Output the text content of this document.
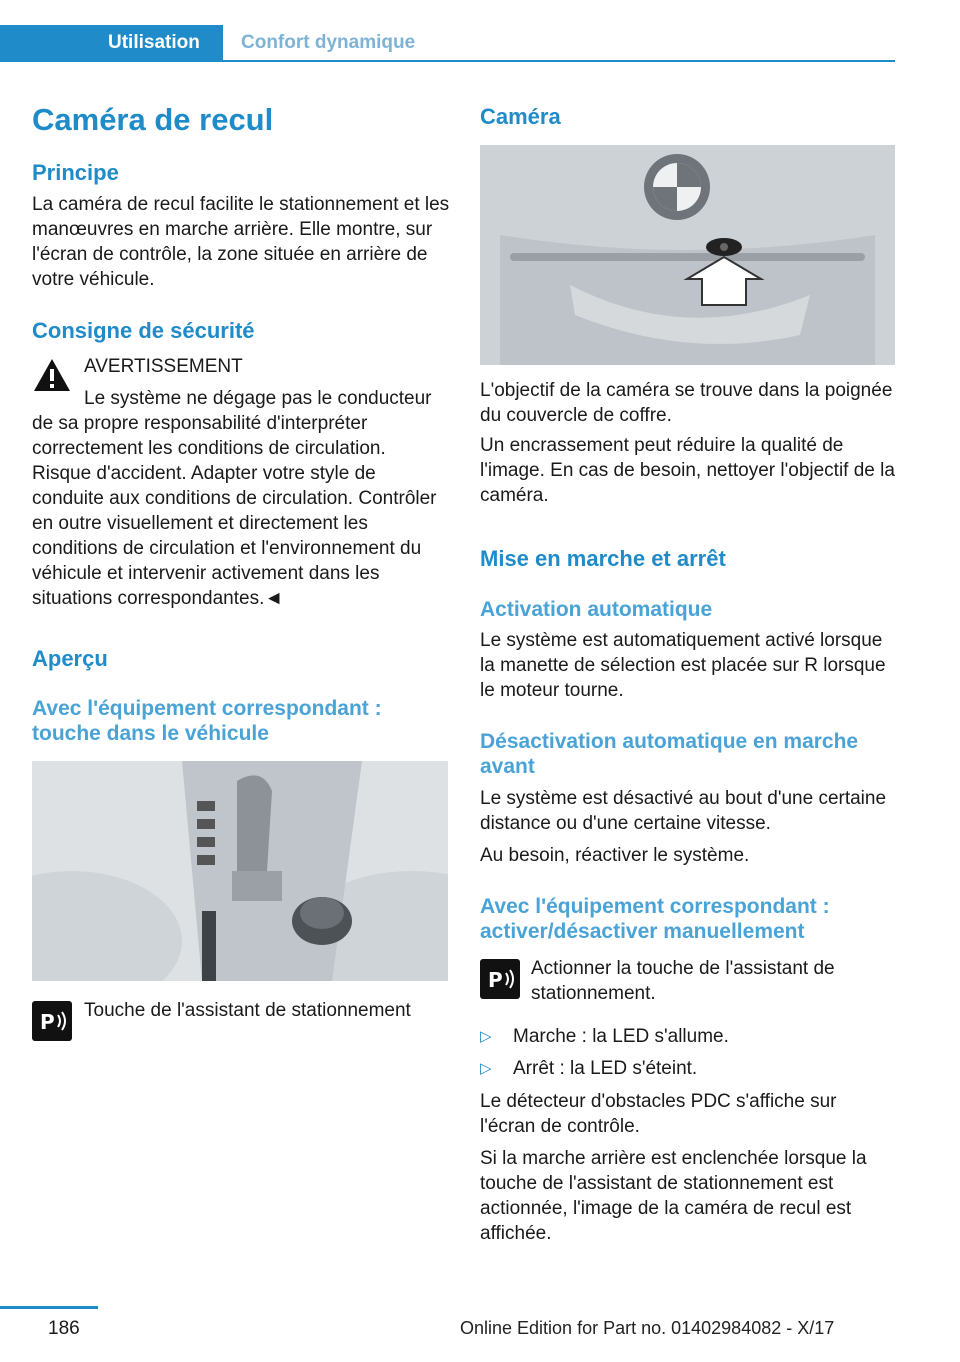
Utilisation	Confort dynamique
Caméra de recul
Principe

La caméra de recul facilite le stationnement et les manœuvres en marche arrière. Elle montre, sur l'écran de contrôle, la zone située en arrière de votre véhicule.

Consigne de sécurité

AVERTISSEMENT

Le système ne dégage pas le conducteur de sa propre responsabilité d'interpréter correctement les conditions de circulation. Risque d'accident. Adapter votre style de conduite aux conditions de circulation. Contrôler en outre visuellement et directement les conditions de circulation et l'environnement du véhicule et intervenir activement dans les situations correspondantes.◄

Aperçu
Avec l'équipement correspondant : touche dans le véhicule
P Touche de l'assistant de stationnement

Caméra

L'objectif de la caméra se trouve dans la poignée du couvercle de coffre.

Un encrassement peut réduire la qualité de l'image. En cas de besoin, nettoyer l'objectif de la caméra.

Mise en marche et arrêt
Activation automatique

Le système est automatiquement activé lorsque la manette de sélection est placée sur R lorsque le moteur tourne.

Désactivation automatique en marche avant

Le système est désactivé au bout d'une certaine distance ou d'une certaine vitesse.

Au besoin, réactiver le système.

Avec l'équipement correspondant : activer/désactiver manuellement
P Actionner la touche de l'assistant de stationnement.

▷ Marche : la LED s'allume.
▷ Arrêt : la LED s'éteint.

Le détecteur d'obstacles PDC s'affiche sur l'écran de contrôle.

Si la marche arrière est enclenchée lorsque la touche de l'assistant de stationnement est actionnée, l'image de la caméra de recul est affichée.

186	Online Edition for Part no. 01402984082 - X/17
